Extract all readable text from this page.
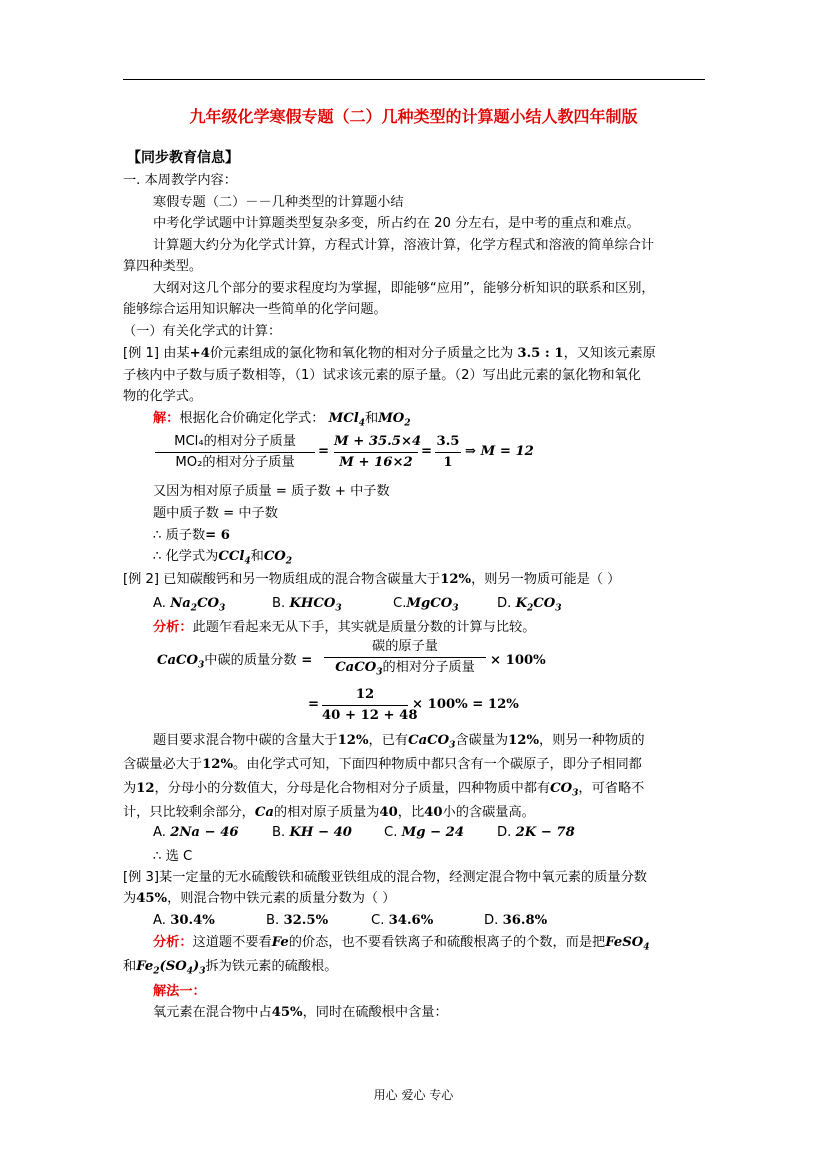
九年级化学寒假专题（二）几种类型的计算题小结人教四年制版
【同步教育信息】
一. 本周教学内容：
寒假专题（二）－－几种类型的计算题小结
中考化学试题中计算题类型复杂多变，所占约在 20 分左右，是中考的重点和难点。
计算题大约分为化学式计算，方程式计算，溶液计算，化学方程式和溶液的简单综合计
算四种类型。
大纲对这几个部分的要求程度均为掌握，即能够“应用”，能够分析知识的联系和区别，
能够综合运用知识解决一些简单的化学问题。
（一）有关化学式的计算：
[例 1] 由某+4价元素组成的氯化物和氧化物的相对分子质量之比为 3.5 : 1，又知该元素原
子核内中子数与质子数相等，（1）试求该元素的原子量。（2）写出此元素的氯化物和氧化
物的化学式。
解：根据化合价确定化学式： MCl$_4$和$MO_2$
MCl₄的相对分子质量
MO₂的相对分子质量
=
M + 35.5×4
M + 16×2
=
3.5
1
⇒ M = 12
又因为相对原子质量 = 质子数 + 中子数
题中质子数 = 中子数
∴ 质子数= 6
∴ 化学式为CCl$_4$和$CO_2$
[例 2] 已知碳酸钙和另一物质组成的混合物含碳量大于12%，则另一物质可能是（ ）
A. $Na_2CO_3$	B. $KHCO_3$	C.MgCO$_3$	D. $K_2CO_3$
分析：此题乍看起来无从下手，其实就是质量分数的计算与比较。
CaCO$_3$中碳的质量分数 =
碳的原子量
CaCO$_3$的相对分子质量	× 100%
=
12
40 + 12 + 48
× 100% = 12%
题目要求混合物中碳的含量大于12%，已有CaCO$_3$含碳量为12%，则另一种物质的
含碳量必大于12%。由化学式可知，下面四种物质中都只含有一个碳原子，即分子相同都
为12，分母小的分数值大，分母是化合物相对分子质量，四种物质中都有$CO_3$，可省略不
计，只比较剩余部分，Ca的相对原子质量为40，比40小的含碳量高。
A. 2Na − 46	B. KH − 40 C. Mg − 24 D. 2K − 78
∴ 选 C
[例 3]某一定量的无水硫酸铁和硫酸亚铁组成的混合物，经测定混合物中氧元素的质量分数
为45%，则混合物中铁元素的质量分数为（ ）
A. 30.4%	B. 32.5%	C. 34.6%	D. 36.8%
分析：这道题不要看Fe的价态，也不要看铁离子和硫酸根离子的个数，而是把FeSO$_4$
和$Fe_2(SO_4)_3$拆为铁元素的硫酸根。
解法一：
氧元素在混合物中占45%，同时在硫酸根中含量：
用心 爱心 专心
